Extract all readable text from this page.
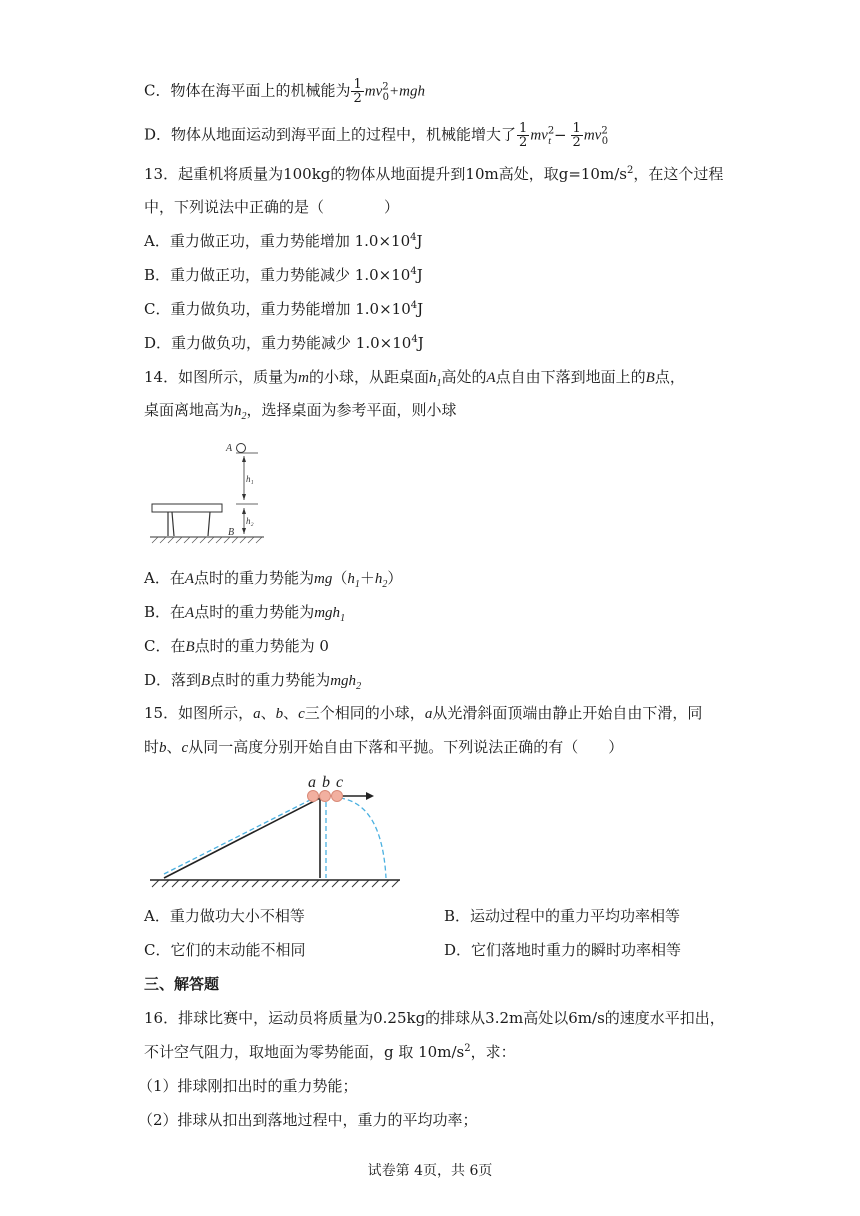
C．物体在海平面上的机械能为 $\frac{1}{2} mv^2_0+mgh$
D．物体从地面运动到海平面上的过程中，机械能增大了 $\frac{1}{2} mv^2_t - \frac{1}{2} mv^2_0$
13．起重机将质量为100kg的物体从地面提升到10m高处，取$g=10m/s^2$，在这个过程
中，下列说法中正确的是（　　　　）
A．重力做正功，重力势能增加 $1.0\times 10^4J$
B．重力做正功，重力势能减少 $1.0\times 10^4J$
C．重力做负功，重力势能增加 $1.0\times 10^4J$
D．重力做负功，重力势能减少 $1.0\times 10^4J$
14．如图所示，质量为m的小球，从距桌面$h_1$高处的A点自由下落到地面上的B点，
桌面离地高为$h_2$，选择桌面为参考平面，则小球
A
h₁
h₂
B
A．在A点时的重力势能为$mg(h_1+h_2)$
B．在A点时的重力势能为mgh$_1$
C．在B点时的重力势能为 0
D．落到B点时的重力势能为mgh$_2$
15．如图所示，a、b、c三个相同的小球，a从光滑斜面顶端由静止开始自由下滑，同
时b、c从同一高度分别开始自由下落和平抛。下列说法正确的有（　　）
a b c
A．重力做功大小不相等	B．运动过程中的重力平均功率相等
C．它们的末动能不相同	D．它们落地时重力的瞬时功率相等
三、解答题
16．排球比赛中，运动员将质量为0.25kg的排球从3.2m高处以6m/s的速度水平扣出，
不计空气阻力，取地面为零势能面，g 取 $10m/s^2$，求：
（1）排球刚扣出时的重力势能；
（2）排球从扣出到落地过程中，重力的平均功率；
试卷第 4页，共 6页
